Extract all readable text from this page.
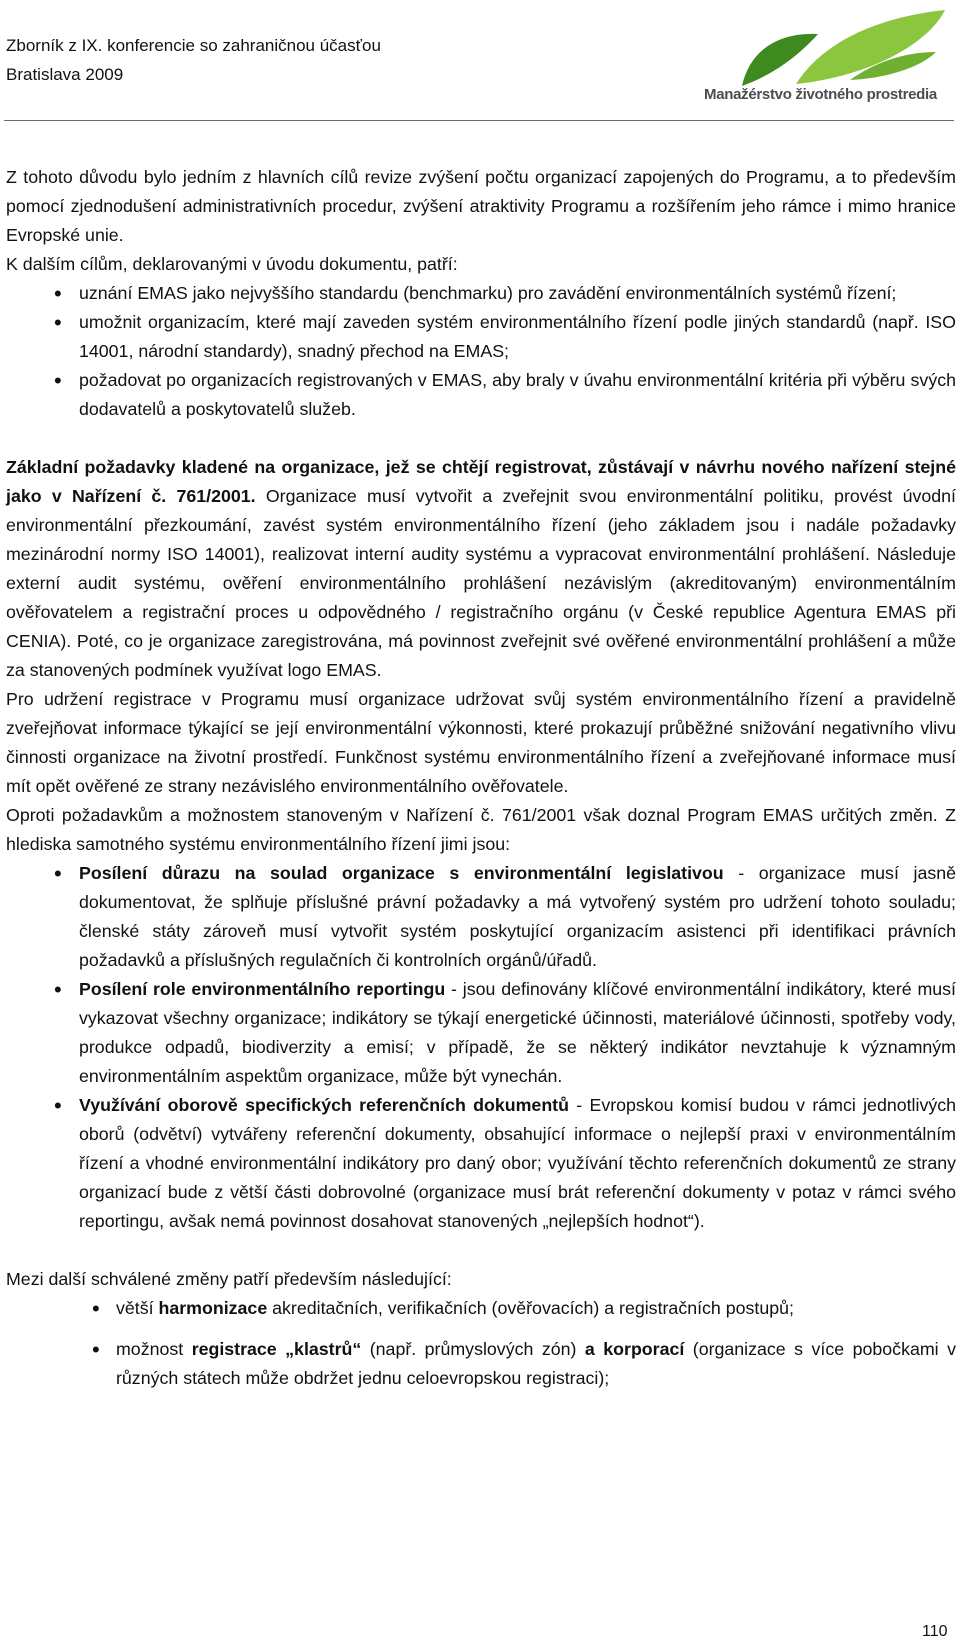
Zborník z IX. konferencie so zahraničnou účasťou
Bratislava 2009
Manažérstvo životného prostredia

Z tohoto důvodu bylo jedním z hlavních cílů revize zvýšení počtu organizací zapojených do Programu, a to především pomocí zjednodušení administrativních procedur, zvýšení atraktivity Programu a rozšířením jeho rámce i mimo hranice Evropské unie.

K dalším cílům, deklarovanými v úvodu dokumentu, patří:

• uznání EMAS jako nejvyššího standardu (benchmarku) pro zavádění environmentálních systémů řízení;
• umožnit organizacím, které mají zaveden systém environmentálního řízení podle jiných standardů (např. ISO 14001, národní standardy), snadný přechod na EMAS;
• požadovat po organizacích registrovaných v EMAS, aby braly v úvahu environmentální kritéria při výběru svých dodavatelů a poskytovatelů služeb.

Základní požadavky kladené na organizace, jež se chtějí registrovat, zůstávají v návrhu nového nařízení stejné jako v Nařízení č. 761/2001. Organizace musí vytvořit a zveřejnit svou environmentální politiku, provést úvodní environmentální přezkoumání, zavést systém environmentálního řízení (jeho základem jsou i nadále požadavky mezinárodní normy ISO 14001), realizovat interní audity systému a vypracovat environmentální prohlášení. Následuje externí audit systému, ověření environmentálního prohlášení nezávislým (akreditovaným) environmentálním ověřovatelem a registrační proces u odpovědného / registračního orgánu (v České republice Agentura EMAS při CENIA). Poté, co je organizace zaregistrována, má povinnost zveřejnit své ověřené environmentální prohlášení a může za stanovených podmínek využívat logo EMAS.

Pro udržení registrace v Programu musí organizace udržovat svůj systém environmentálního řízení a pravidelně zveřejňovat informace týkající se její environmentální výkonnosti, které prokazují průběžné snižování negativního vlivu činnosti organizace na životní prostředí. Funkčnost systému environmentálního řízení a zveřejňované informace musí mít opět ověřené ze strany nezávislého environmentálního ověřovatele.

Oproti požadavkům a možnostem stanoveným v Nařízení č. 761/2001 však doznal Program EMAS určitých změn. Z hlediska samotného systému environmentálního řízení jimi jsou:

• Posílení důrazu na soulad organizace s environmentální legislativou - organizace musí jasně dokumentovat, že splňuje příslušné právní požadavky a má vytvořený systém pro udržení tohoto souladu; členské státy zároveň musí vytvořit systém poskytující organizacím asistenci při identifikaci právních požadavků a příslušných regulačních či kontrolních orgánů/úřadů.
• Posílení role environmentálního reportingu - jsou definovány klíčové environmentální indikátory, které musí vykazovat všechny organizace; indikátory se týkají energetické účinnosti, materiálové účinnosti, spotřeby vody, produkce odpadů, biodiverzity a emisí; v případě, že se některý indikátor nevztahuje k významným environmentálním aspektům organizace, může být vynechán.
• Využívání oborově specifických referenčních dokumentů - Evropskou komisí budou v rámci jednotlivých oborů (odvětví) vytvářeny referenční dokumenty, obsahující informace o nejlepší praxi v environmentálním řízení a vhodné environmentální indikátory pro daný obor; využívání těchto referenčních dokumentů ze strany organizací bude z větší části dobrovolné (organizace musí brát referenční dokumenty v potaz v rámci svého reportingu, avšak nemá povinnost dosahovat stanovených „nejlepších hodnot“).

Mezi další schválené změny patří především následující:

• větší harmonizace akreditačních, verifikačních (ověřovacích) a registračních postupů;
• možnost registrace „klastrů“ (např. průmyslových zón) a korporací (organizace s více pobočkami v různých státech může obdržet jednu celoevropskou registraci);
110
